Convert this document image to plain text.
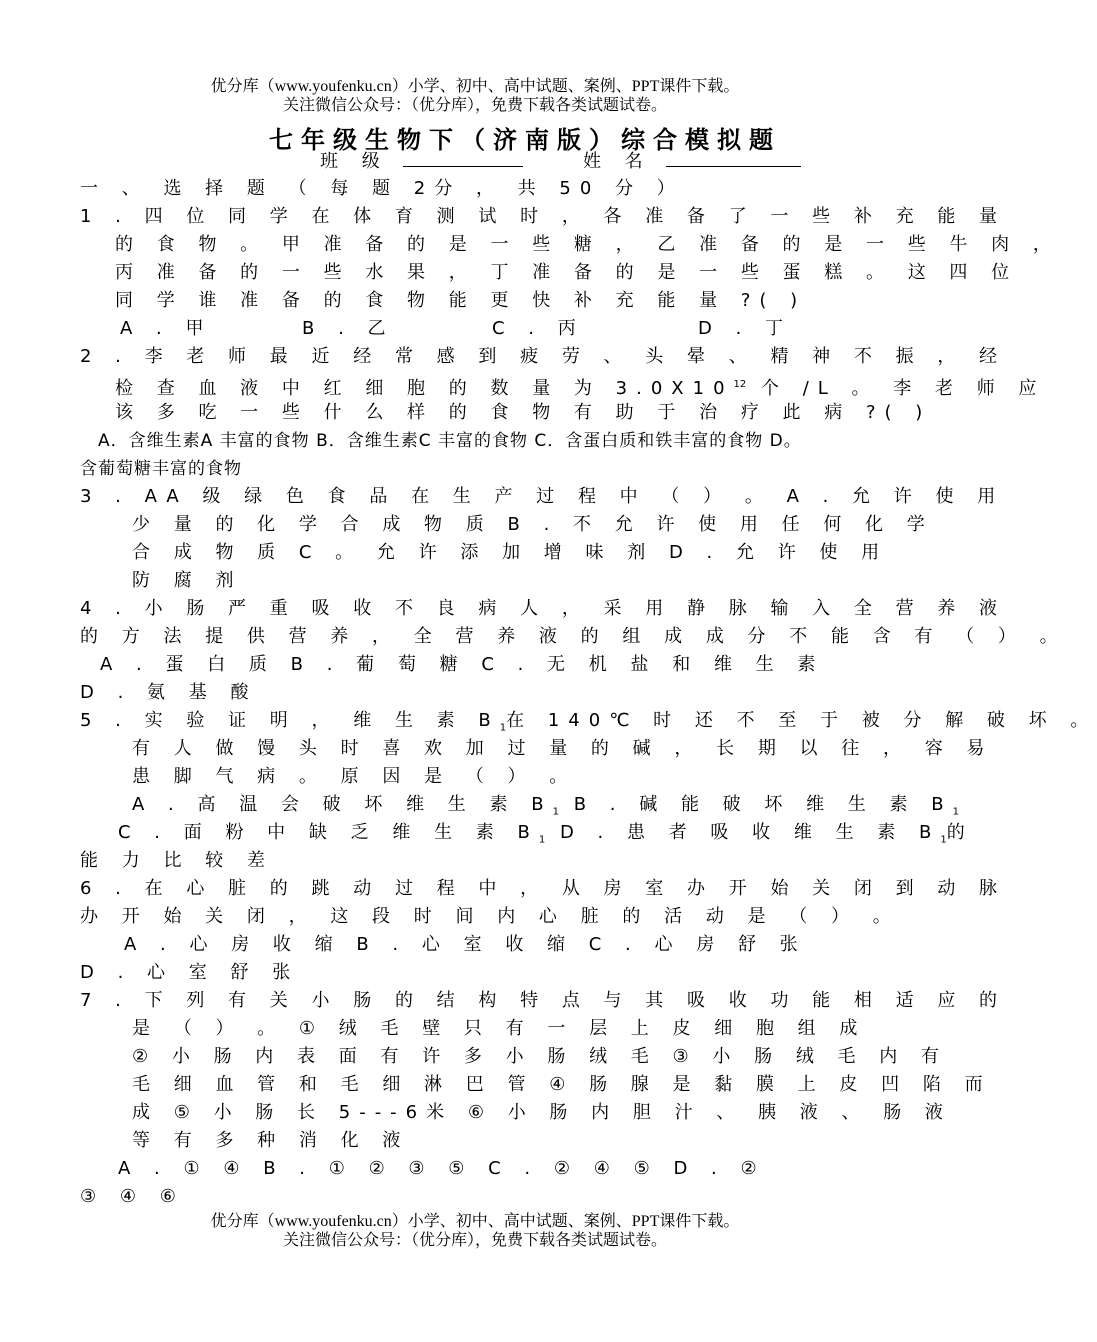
优分库（www.youfenku.cn）小学、初中、高中试题、案例、PPT课件下载。
关注微信公众号：（优分库），免费下载各类试题试卷。
七年级生物下（济南版）综合模拟题
班 级	姓 名
一 、 选 择 题 （ 每 题 2分 ， 共 50 分 ）
1 . 四 位 同 学 在 体 育 测 试 时 ， 各 准 备 了 一 些 补 充 能 量
的 食 物 。 甲 准 备 的 是 一 些 糖 ， 乙 准 备 的 是 一 些 牛 肉 ，
丙 准 备 的 一 些 水 果 ， 丁 准 备 的 是 一 些 蛋 糕 。 这 四 位
同 学 谁 准 备 的 食 物 能 更 快 补 充 能 量 ?( )
A . 甲	B . 乙	C . 丙	D . 丁
2 . 李 老 师 最 近 经 常 感 到 疲 劳 、 头 晕 、 精 神 不 振 ， 经
检 查 血 液 中 红 细 胞 的 数 量 为 $3.0X10^{12}$ 个 /L 。 李 老 师 应
该 多 吃 一 些 什 么 样 的 食 物 有 助 于 治 疗 此 病 ?( )
A．含维生素A 丰富的食物 B．含维生素C 丰富的食物 C．含蛋白质和铁丰富的食物 D。
含葡萄糖丰富的食物
3 . AA 级 绿 色 食 品 在 生 产 过 程 中 （ ） 。 A . 允 许 使 用
少 量 的 化 学 合 成 物 质 B . 不 允 许 使 用 任 何 化 学
合 成 物 质 C 。 允 许 添 加 增 味 剂 D . 允 许 使 用
防 腐 剂
4 . 小 肠 严 重 吸 收 不 良 病 人 ， 采 用 静 脉 输 入 全 营 养 液
的 方 法 提 供 营 养 ， 全 营 养 液 的 组 成 成 分 不 能 含 有 （ ） 。
A . 蛋 白 质 B . 葡 萄 糖 C . 无 机 盐 和 维 生 素
D . 氨 基 酸
5 . 实 验 证 明 ， 维 生 素 $B_1$在 140℃ 时 还 不 至 于 被 分 解 破 坏 。
有 人 做 馒 头 时 喜 欢 加 过 量 的 碱 ， 长 期 以 往 ， 容 易
患 脚 气 病 。 原 因 是 （ ） 。
A . 高 温 会 破 坏 维 生 素 $B_1$ B . 碱 能 破 坏 维 生 素 $B_1$
C . 面 粉 中 缺 乏 维 生 素 $B_1$ D . 患 者 吸 收 维 生 素 $B_1$的
能 力 比 较 差
6 . 在 心 脏 的 跳 动 过 程 中 ， 从 房 室 办 开 始 关 闭 到 动 脉
办 开 始 关 闭 ， 这 段 时 间 内 心 脏 的 活 动 是 （ ） 。
A . 心 房 收 缩 B . 心 室 收 缩 C . 心 房 舒 张
D . 心 室 舒 张
7 . 下 列 有 关 小 肠 的 结 构 特 点 与 其 吸 收 功 能 相 适 应 的
是 （ ） 。 ① 绒 毛 壁 只 有 一 层 上 皮 细 胞 组 成
② 小 肠 内 表 面 有 许 多 小 肠 绒 毛 ③ 小 肠 绒 毛 内 有
毛 细 血 管 和 毛 细 淋 巴 管 ④ 肠 腺 是 黏 膜 上 皮 凹 陷 而
成 ⑤ 小 肠 长 5---6米 ⑥ 小 肠 内 胆 汁 、 胰 液 、 肠 液
等 有 多 种 消 化 液
A . ① ④ B . ① ② ③ ⑤ C . ② ④ ⑤ D . ②
③ ④ ⑥
优分库（www.youfenku.cn）小学、初中、高中试题、案例、PPT课件下载。
关注微信公众号：（优分库），免费下载各类试题试卷。
